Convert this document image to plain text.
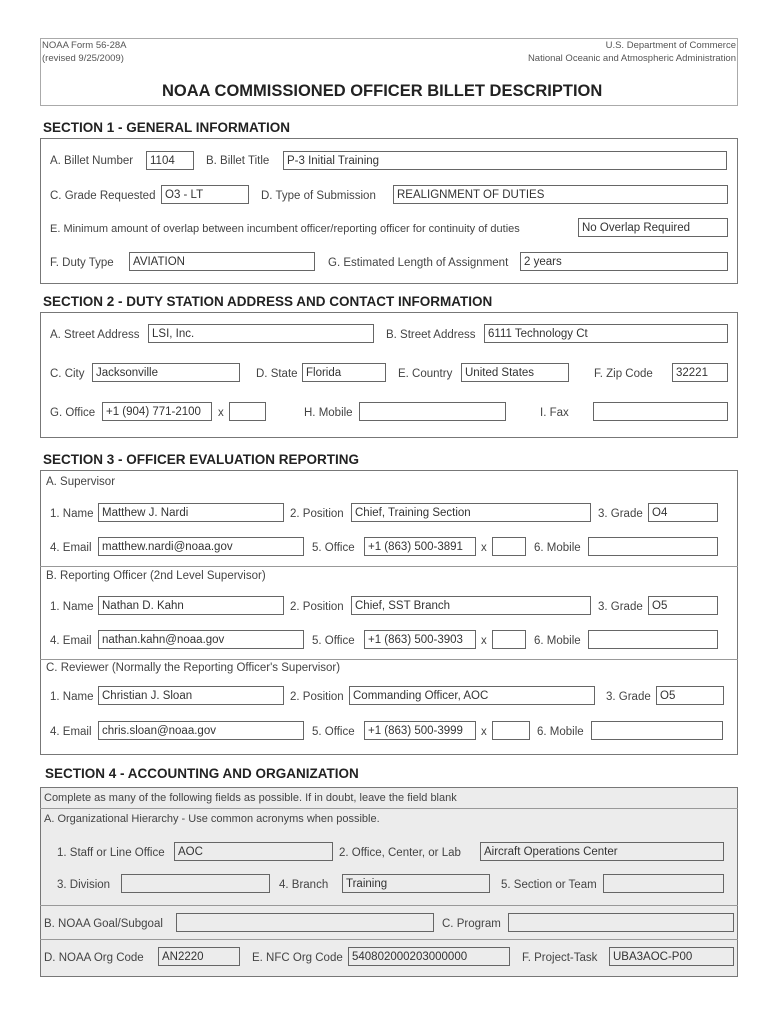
NOAA Form 56-28A
(revised 9/25/2009)
U.S. Department of Commerce
National Oceanic and Atmospheric Administration
NOAA COMMISSIONED OFFICER BILLET DESCRIPTION
SECTION 1 - GENERAL INFORMATION
A. Billet Number	1104	B. Billet Title	P-3 Initial Training
C. Grade Requested O3 - LT	D. Type of Submission	REALIGNMENT OF DUTIES
E. Minimum amount of overlap between incumbent officer/reporting officer for continuity of duties	No Overlap Required
F. Duty Type	AVIATION	G. Estimated Length of Assignment	2 years
SECTION 2 - DUTY STATION ADDRESS AND CONTACT INFORMATION
A. Street Address	LSI, Inc.	B. Street Address	6111 Technology Ct
C. City	Jacksonville	D. State Florida	E. Country	United States	F. Zip Code	32221
G. Office +1 (904) 771-2100	x	H. Mobile	I. Fax
SECTION 3 - OFFICER EVALUATION REPORTING
A. Supervisor
1. Name Matthew J. Nardi	2. Position Chief, Training Section	3. Grade O4
4. Email matthew.nardi@noaa.gov	5. Office	+1 (863) 500-3891	x	6. Mobile
B. Reporting Officer (2nd Level Supervisor)
1. Name Nathan D. Kahn	2. Position Chief, SST Branch	3. Grade O5
4. Email nathan.kahn@noaa.gov	5. Office	+1 (863) 500-3903	x	6. Mobile
C. Reviewer (Normally the Reporting Officer's Supervisor)
1. Name Christian J. Sloan	2. Position Commanding Officer, AOC	3. Grade O5
4. Email chris.sloan@noaa.gov	5. Office	+1 (863) 500-3999	x	6. Mobile
SECTION 4 - ACCOUNTING AND ORGANIZATION
Complete as many of the following fields as possible. If in doubt, leave the field blank
A. Organizational Hierarchy - Use common acronyms when possible.
1. Staff or Line Office	AOC	2. Office, Center, or Lab	Aircraft Operations Center
3. Division	4. Branch	Training	5. Section or Team
B. NOAA Goal/Subgoal	C. Program
D. NOAA Org Code	AN2220	E. NFC Org Code 540802000203000000	F. Project-Task	UBA3AOC-P00
